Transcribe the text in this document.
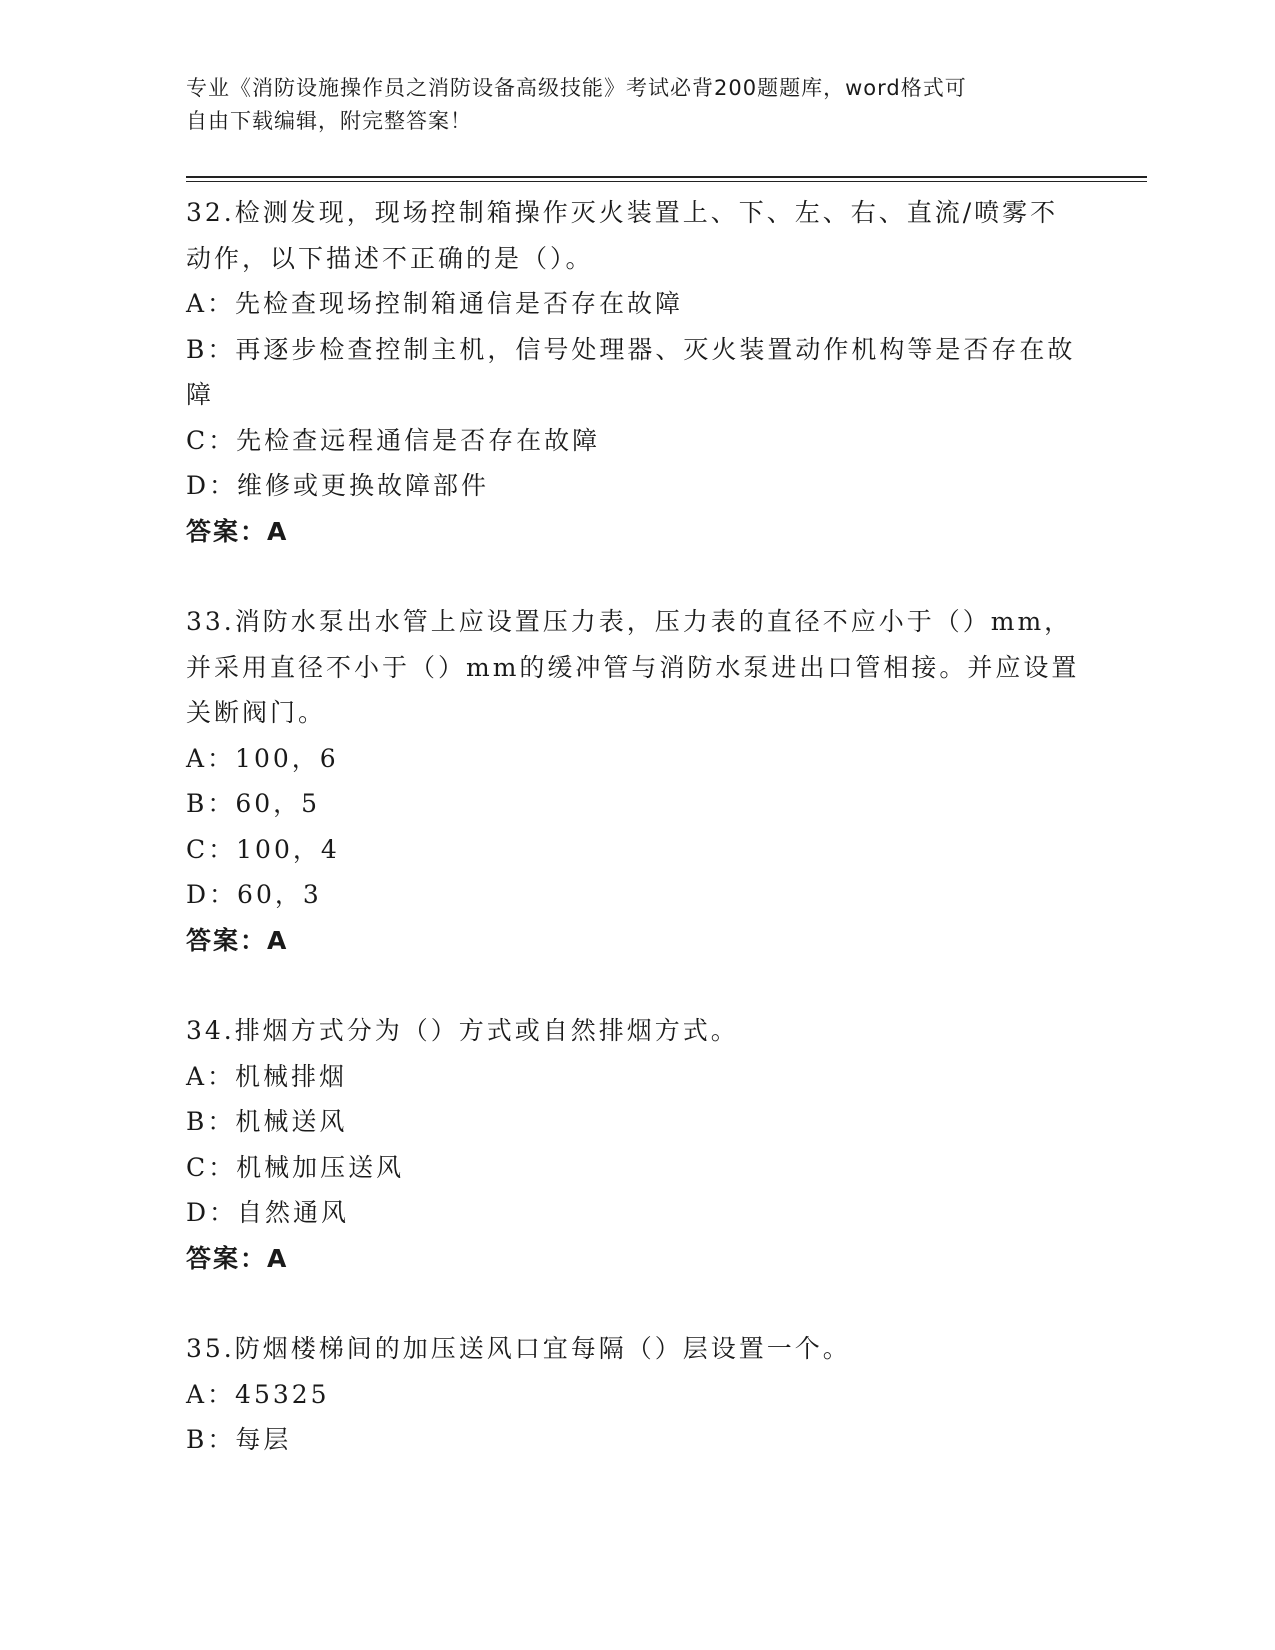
专业《消防设施操作员之消防设备高级技能》考试必背200题题库，word格式可
自由下载编辑，附完整答案！

32.检测发现，现场控制箱操作灭火装置上、下、左、右、直流/喷雾不动作，以下描述不正确的是（）。

A：先检查现场控制箱通信是否存在故障

B：再逐步检查控制主机，信号处理器、灭火装置动作机构等是否存在故障

C：先检查远程通信是否存在故障

D：维修或更换故障部件

答案：A

33.消防水泵出水管上应设置压力表，压力表的直径不应小于（）mm，并采用直径不小于（）mm的缓冲管与消防水泵进出口管相接。并应设置关断阀门。

A：100，6

B：60，5

C：100，4

D：60，3

答案：A

34.排烟方式分为（）方式或自然排烟方式。

A：机械排烟

B：机械送风

C：机械加压送风

D：自然通风

答案：A

35.防烟楼梯间的加压送风口宜每隔（）层设置一个。

A：45325

B：每层
